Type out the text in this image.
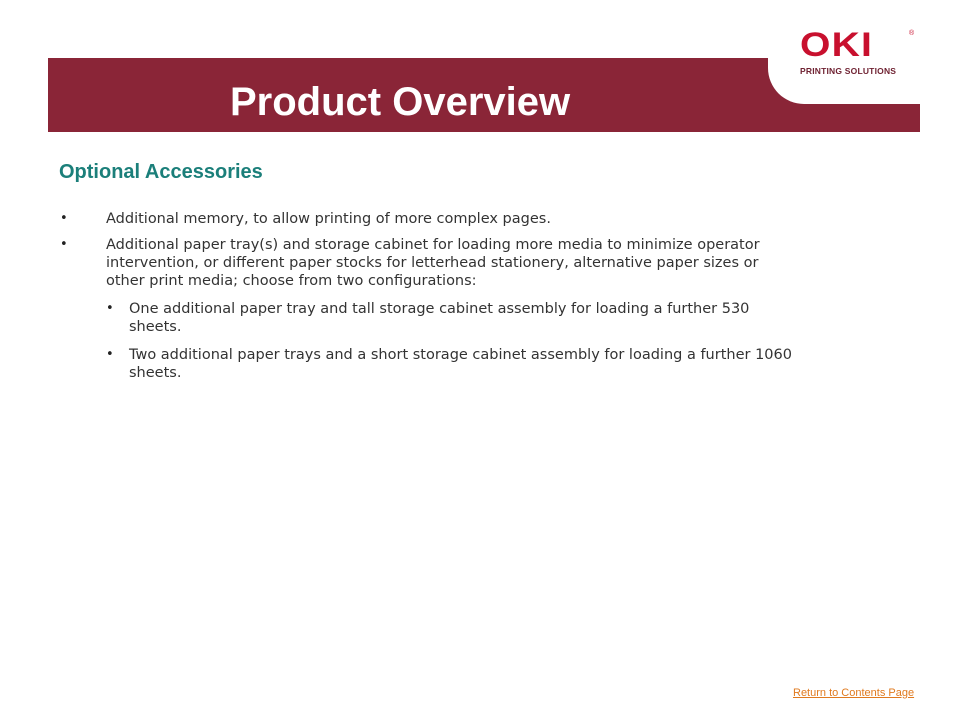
OKI	®
PRINTING SOLUTIONS
Product Overview
Optional Accessories
•	Additional memory, to allow printing of more complex pages.
•	Additional paper tray(s) and storage cabinet for loading more media to minimize operator intervention, or different paper stocks for letterhead stationery, alternative paper sizes or other print media; choose from two configurations:
•	One additional paper tray and tall storage cabinet assembly for loading a further 530 sheets.
•	Two additional paper trays and a short storage cabinet assembly for loading a further 1060 sheets.
Return to Contents Page
